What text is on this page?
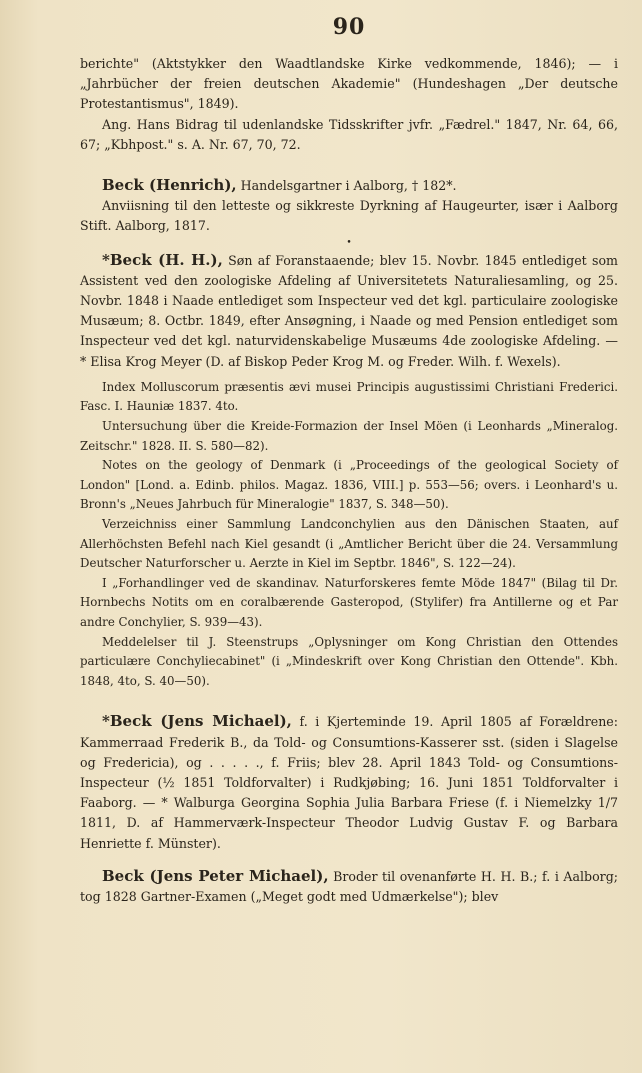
90

berichte" (Aktstykker den Waadtlandske Kirke vedkommende, 1846); — i „Jahrbücher der freien deutschen Akademie" (Hundeshagen „Der deutsche Protestantismus", 1849).

Ang. Hans Bidrag til udenlandske Tidsskrifter jvfr. „Fædrel." 1847, Nr. 64, 66, 67; „Kbhpost." s. A. Nr. 67, 70, 72.

Beck (Henrich), Handelsgartner i Aalborg, † 182*.

Anviisning til den letteste og sikkreste Dyrkning af Haugeurter, især i Aalborg Stift. Aalborg, 1817.

•

*Beck (H. H.), Søn af Foranstaaende; blev 15. Novbr. 1845 entlediget som Assistent ved den zoologiske Afdeling af Universitetets Naturaliesamling, og 25. Novbr. 1848 i Naade entlediget som Inspecteur ved det kgl. particulaire zoologiske Musæum; 8. Octbr. 1849, efter Ansøgning, i Naade og med Pension entlediget som Inspecteur ved det kgl. naturvidenskabelige Musæums 4de zoologiske Afdeling. — * Elisa Krog Meyer (D. af Biskop Peder Krog M. og Freder. Wilh. f. Wexels).

Index Molluscorum præsentis ævi musei Principis augustissimi Christiani Frederici. Fasc. I. Hauniæ 1837. 4to.

Untersuchung über die Kreide-Formazion der Insel Möen (i Leonhards „Mineralog. Zeitschr." 1828. II. S. 580—82).

Notes on the geology of Denmark (i „Proceedings of the geological Society of London" [Lond. a. Edinb. philos. Magaz. 1836, VIII.] p. 553—56; overs. i Leonhard's u. Bronn's „Neues Jahrbuch für Mineralogie" 1837, S. 348—50).

Verzeichniss einer Sammlung Landconchylien aus den Dänischen Staaten, auf Allerhöchsten Befehl nach Kiel gesandt (i „Amtlicher Bericht über die 24. Versammlung Deutscher Naturforscher u. Aerzte in Kiel im Septbr. 1846", S. 122—24).

I „Forhandlinger ved de skandinav. Naturforskeres femte Möde 1847" (Bilag til Dr. Hornbechs Notits om en coralbærende Gasteropod, (Stylifer) fra Antillerne og et Par andre Conchylier, S. 939—43).

Meddelelser til J. Steenstrups „Oplysninger om Kong Christian den Ottendes particulære Conchyliecabinet" (i „Mindeskrift over Kong Christian den Ottende". Kbh. 1848, 4to, S. 40—50).

*Beck (Jens Michael), f. i Kjerteminde 19. April 1805 af Forældrene: Kammerraad Frederik B., da Told- og Consumtions-Kasserer sst. (siden i Slagelse og Fredericia), og . . . . ., f. Friis; blev 28. April 1843 Told- og Consumtions-Inspecteur (½ 1851 Toldforvalter) i Rudkjøbing; 16. Juni 1851 Toldforvalter i Faaborg. — * Walburga Georgina Sophia Julia Barbara Friese (f. i Niemelzky 1/7 1811, D. af Hammerværk-Inspecteur Theodor Ludvig Gustav F. og Barbara Henriette f. Münster).

Beck (Jens Peter Michael), Broder til ovenanførte H. H. B.; f. i Aalborg; tog 1828 Gartner-Examen („Meget godt med Udmærkelse"); blev
